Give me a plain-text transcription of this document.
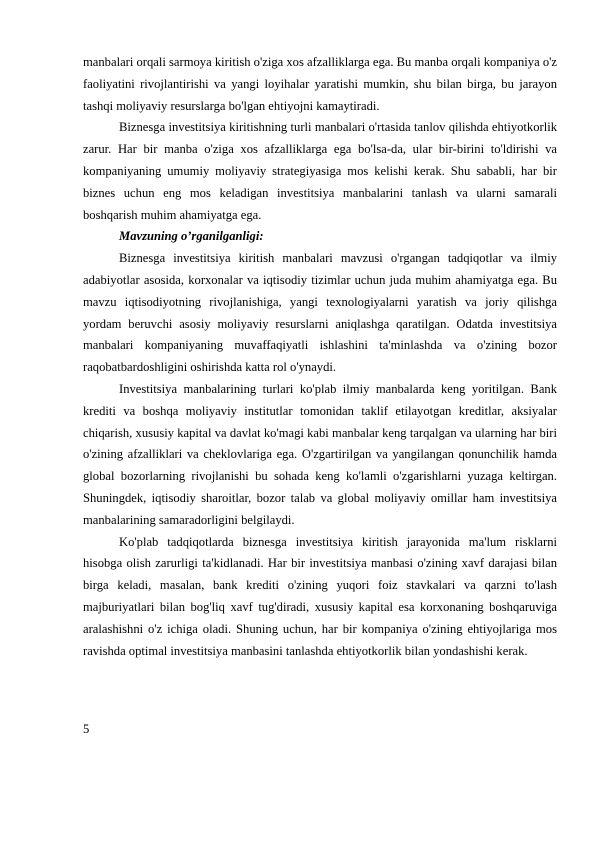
manbalari orqali sarmoya kiritish o'ziga xos afzalliklarga ega. Bu manba orqali kompaniya o'z faoliyatini rivojlantirishi va yangi loyihalar yaratishi mumkin, shu bilan birga, bu jarayon tashqi moliyaviy resurslarga bo'lgan ehtiyojni kamaytiradi.

Biznesga investitsiya kiritishning turli manbalari o'rtasida tanlov qilishda ehtiyotkorlik zarur. Har bir manba o'ziga xos afzalliklarga ega bo'lsa-da, ular bir-birini to'ldirishi va kompaniyaning umumiy moliyaviy strategiyasiga mos kelishi kerak. Shu sababli, har bir biznes uchun eng mos keladigan investitsiya manbalarini tanlash va ularni samarali boshqarish muhim ahamiyatga ega.

Mavzuning o’rganilganligi:

Biznesga investitsiya kiritish manbalari mavzusi o'rgangan tadqiqotlar va ilmiy adabiyotlar asosida, korxonalar va iqtisodiy tizimlar uchun juda muhim ahamiyatga ega. Bu mavzu iqtisodiyotning rivojlanishiga, yangi texnologiyalarni yaratish va joriy qilishga yordam beruvchi asosiy moliyaviy resurslarni aniqlashga qaratilgan. Odatda investitsiya manbalari kompaniyaning muvaffaqiyatli ishlashini ta'minlashda va o'zining bozor raqobatbardoshligini oshirishda katta rol o'ynaydi.

Investitsiya manbalarining turlari ko'plab ilmiy manbalarda keng yoritilgan. Bank krediti va boshqa moliyaviy institutlar tomonidan taklif etilayotgan kreditlar, aksiyalar chiqarish, xususiy kapital va davlat ko'magi kabi manbalar keng tarqalgan va ularning har biri o'zining afzalliklari va cheklovlariga ega. O'zgartirilgan va yangilangan qonunchilik hamda global bozorlarning rivojlanishi bu sohada keng ko'lamli o'zgarishlarni yuzaga keltirgan. Shuningdek, iqtisodiy sharoitlar, bozor talab va global moliyaviy omillar ham investitsiya manbalarining samaradorligini belgilaydi.

Ko'plab tadqiqotlarda biznesga investitsiya kiritish jarayonida ma'lum risklarni hisobga olish zarurligi ta'kidlanadi. Har bir investitsiya manbasi o'zining xavf darajasi bilan birga keladi, masalan, bank krediti o'zining yuqori foiz stavkalari va qarzni to'lash majburiyatlari bilan bog'liq xavf tug'diradi, xususiy kapital esa korxonaning boshqaruviga aralashishni o'z ichiga oladi. Shuning uchun, har bir kompaniya o'zining ehtiyojlariga mos ravishda optimal investitsiya manbasini tanlashda ehtiyotkorlik bilan yondashishi kerak.

5
